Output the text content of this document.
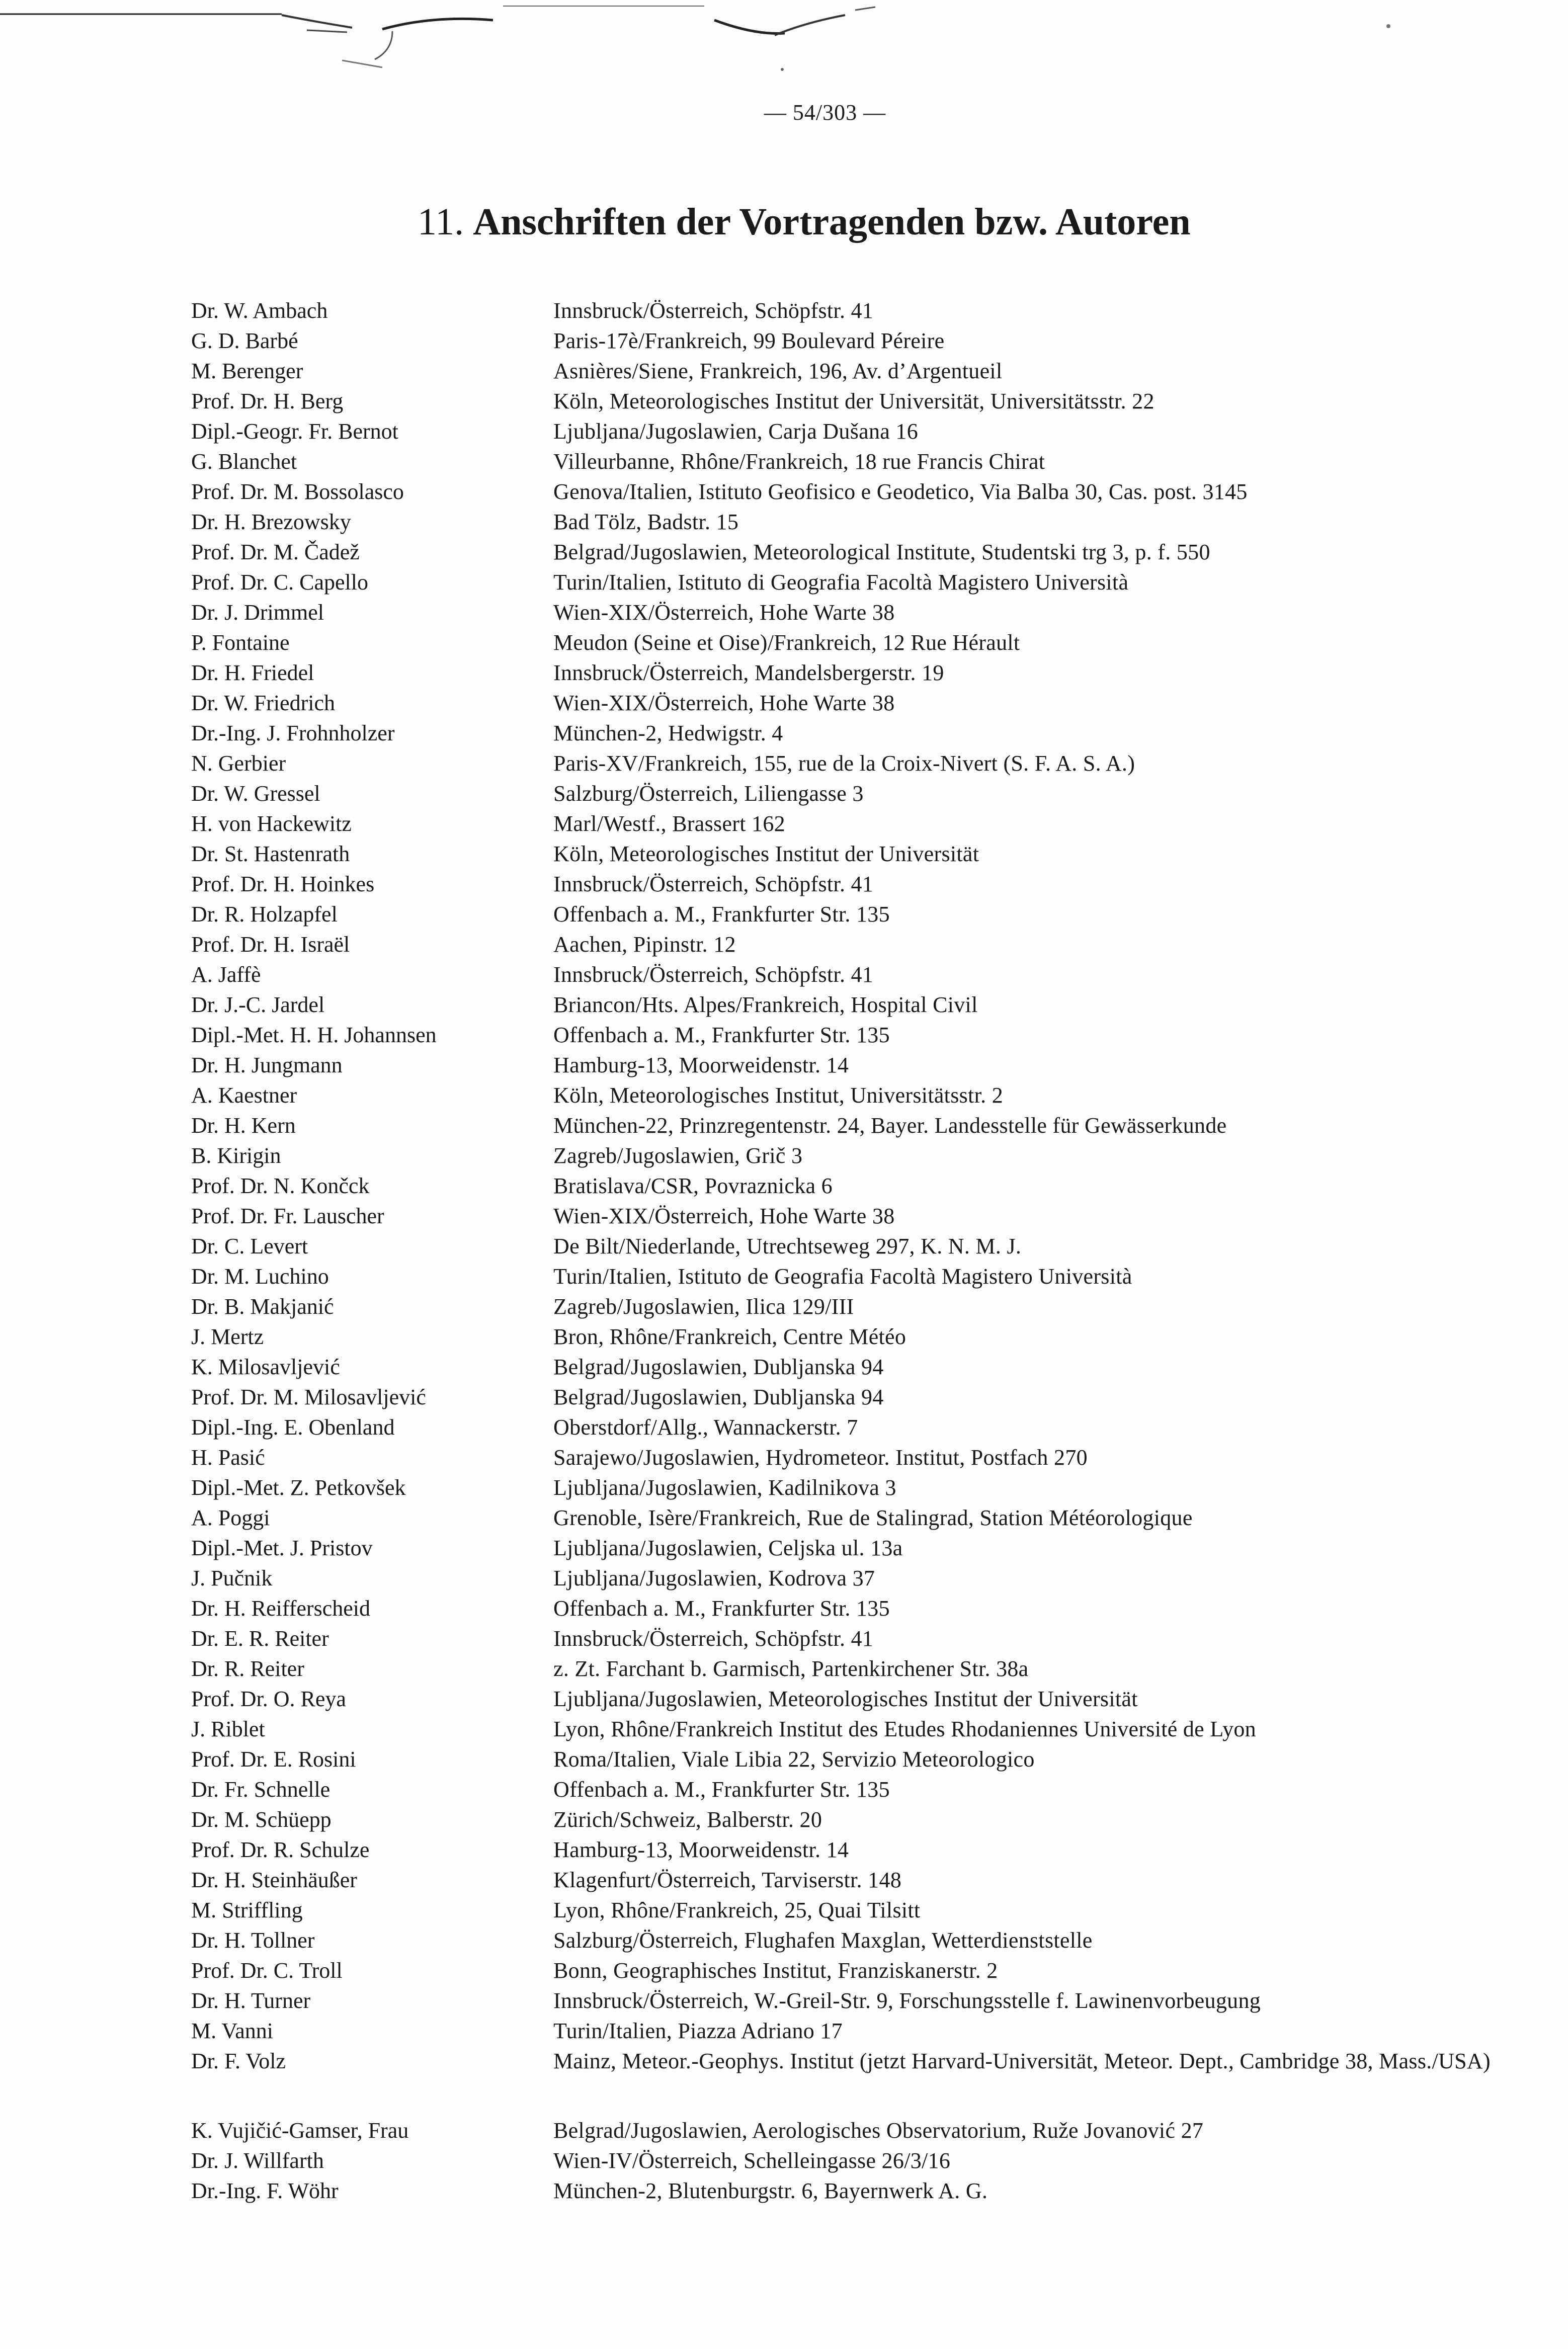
— 54/303 —
11. Anschriften der Vortragenden bzw. Autoren
Dr. W. Ambach	Innsbruck/Österreich, Schöpfstr. 41
G. D. Barbé	Paris-17è/Frankreich, 99 Boulevard Péreire
M. Berenger	Asnières/Siene, Frankreich, 196, Av. d’Argentueil
Prof. Dr. H. Berg	Köln, Meteorologisches Institut der Universität, Universitätsstr. 22
Dipl.-Geogr. Fr. Bernot	Ljubljana/Jugoslawien, Carja Dušana 16
G. Blanchet	Villeurbanne, Rhône/Frankreich, 18 rue Francis Chirat
Prof. Dr. M. Bossolasco	Genova/Italien, Istituto Geofisico e Geodetico, Via Balba 30, Cas. post. 3145
Dr. H. Brezowsky	Bad Tölz, Badstr. 15
Prof. Dr. M. Čadež	Belgrad/Jugoslawien, Meteorological Institute, Studentski trg 3, p. f. 550
Prof. Dr. C. Capello	Turin/Italien, Istituto di Geografia Facoltà Magistero Università
Dr. J. Drimmel	Wien-XIX/Österreich, Hohe Warte 38
P. Fontaine	Meudon (Seine et Oise)/Frankreich, 12 Rue Hérault
Dr. H. Friedel	Innsbruck/Österreich, Mandelsbergerstr. 19
Dr. W. Friedrich	Wien-XIX/Österreich, Hohe Warte 38
Dr.-Ing. J. Frohnholzer	München-2, Hedwigstr. 4
N. Gerbier	Paris-XV/Frankreich, 155, rue de la Croix-Nivert (S. F. A. S. A.)
Dr. W. Gressel	Salzburg/Österreich, Liliengasse 3
H. von Hackewitz	Marl/Westf., Brassert 162
Dr. St. Hastenrath	Köln, Meteorologisches Institut der Universität
Prof. Dr. H. Hoinkes	Innsbruck/Österreich, Schöpfstr. 41
Dr. R. Holzapfel	Offenbach a. M., Frankfurter Str. 135
Prof. Dr. H. Israël	Aachen, Pipinstr. 12
A. Jaffè	Innsbruck/Österreich, Schöpfstr. 41
Dr. J.-C. Jardel	Briancon/Hts. Alpes/Frankreich, Hospital Civil
Dipl.-Met. H. H. Johannsen	Offenbach a. M., Frankfurter Str. 135
Dr. H. Jungmann	Hamburg-13, Moorweidenstr. 14
A. Kaestner	Köln, Meteorologisches Institut, Universitätsstr. 2
Dr. H. Kern	München-22, Prinzregentenstr. 24, Bayer. Landesstelle für Gewässerkunde
B. Kirigin	Zagreb/Jugoslawien, Grič 3
Prof. Dr. N. Končck	Bratislava/CSR, Povraznicka 6
Prof. Dr. Fr. Lauscher	Wien-XIX/Österreich, Hohe Warte 38
Dr. C. Levert	De Bilt/Niederlande, Utrechtseweg 297, K. N. M. J.
Dr. M. Luchino	Turin/Italien, Istituto de Geografia Facoltà Magistero Università
Dr. B. Makjanić	Zagreb/Jugoslawien, Ilica 129/III
J. Mertz	Bron, Rhône/Frankreich, Centre Météo
K. Milosavljević	Belgrad/Jugoslawien, Dubljanska 94
Prof. Dr. M. Milosavljević	Belgrad/Jugoslawien, Dubljanska 94
Dipl.-Ing. E. Obenland	Oberstdorf/Allg., Wannackerstr. 7
H. Pasić	Sarajewo/Jugoslawien, Hydrometeor. Institut, Postfach 270
Dipl.-Met. Z. Petkovšek	Ljubljana/Jugoslawien, Kadilnikova 3
A. Poggi	Grenoble, Isère/Frankreich, Rue de Stalingrad, Station Météorologique
Dipl.-Met. J. Pristov	Ljubljana/Jugoslawien, Celjska ul. 13a
J. Pučnik	Ljubljana/Jugoslawien, Kodrova 37
Dr. H. Reifferscheid	Offenbach a. M., Frankfurter Str. 135
Dr. E. R. Reiter	Innsbruck/Österreich, Schöpfstr. 41
Dr. R. Reiter	z. Zt. Farchant b. Garmisch, Partenkirchener Str. 38a
Prof. Dr. O. Reya	Ljubljana/Jugoslawien, Meteorologisches Institut der Universität
J. Riblet	Lyon, Rhône/Frankreich Institut des Etudes Rhodaniennes Université de Lyon
Prof. Dr. E. Rosini	Roma/Italien, Viale Libia 22, Servizio Meteorologico
Dr. Fr. Schnelle	Offenbach a. M., Frankfurter Str. 135
Dr. M. Schüepp	Zürich/Schweiz, Balberstr. 20
Prof. Dr. R. Schulze	Hamburg-13, Moorweidenstr. 14
Dr. H. Steinhäußer	Klagenfurt/Österreich, Tarviserstr. 148
M. Striffling	Lyon, Rhône/Frankreich, 25, Quai Tilsitt
Dr. H. Tollner	Salzburg/Österreich, Flughafen Maxglan, Wetterdienststelle
Prof. Dr. C. Troll	Bonn, Geographisches Institut, Franziskanerstr. 2
Dr. H. Turner	Innsbruck/Österreich, W.-Greil-Str. 9, Forschungsstelle f. Lawinenvorbeugung
M. Vanni	Turin/Italien, Piazza Adriano 17
Dr. F. Volz	Mainz, Meteor.-Geophys. Institut (jetzt Harvard-Universität, Meteor. Dept., Cambridge 38, Mass./USA)
K. Vujičić-Gamser, Frau	Belgrad/Jugoslawien, Aerologisches Observatorium, Ruže Jovanović 27
Dr. J. Willfarth	Wien-IV/Österreich, Schelleingasse 26/3/16
Dr.-Ing. F. Wöhr	München-2, Blutenburgstr. 6, Bayernwerk A. G.
